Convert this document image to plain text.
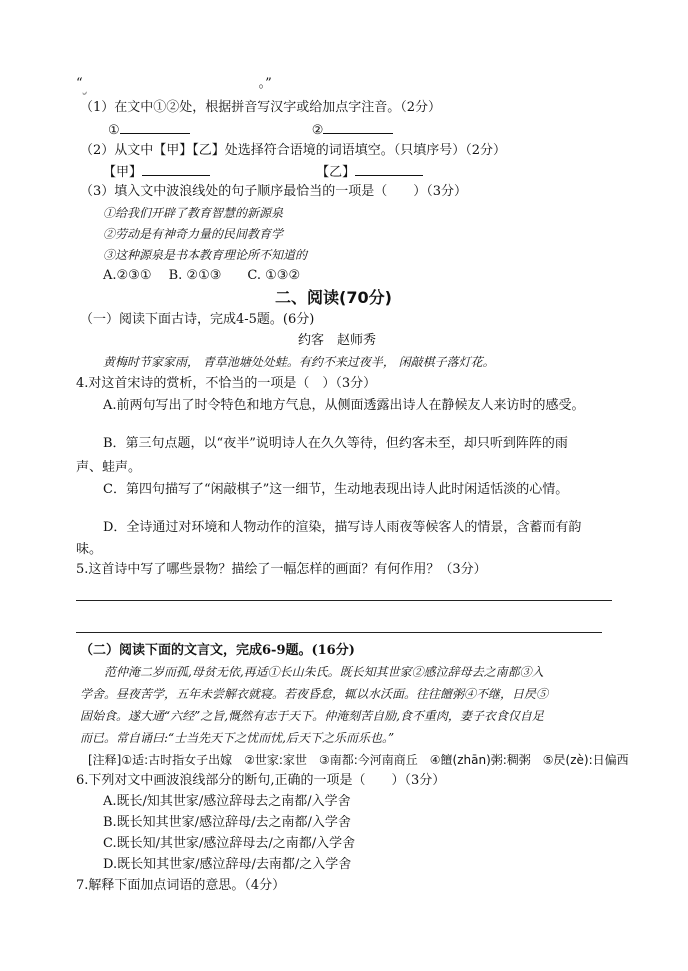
“	。”
（1）在文中①②处，根据拼音写汉字或给加点字注音。（2分）
①	②
（2）从文中【甲】【乙】处选择符合语境的词语填空。（只填序号）（2分）
【甲】	【乙】
（3）填入文中波浪线处的句子顺序最恰当的一项是（　　）（3分）
①给我们开辟了教育智慧的新源泉
②劳动是有神奇力量的民间教育学
③这种源泉是书本教育理论所不知道的
A.②③①　 B. ②①③　　C. ①③②
二、阅读(70分)
（一）阅读下面古诗，完成4-5题。(6分)
约客　赵师秀
黄梅时节家家雨， 青草池塘处处蛙。有约不来过夜半， 闲敲棋子落灯花。
4.对这首宋诗的赏析，不恰当的一项是（　）（3分）
A.前两句写出了时令特色和地方气息，从侧面透露出诗人在静候友人来访时的感受。
B．第三句点题，以“夜半”说明诗人在久久等待，但约客未至，却只听到阵阵的雨
声、蛙声。
C．第四句描写了“闲敲棋子”这一细节，生动地表现出诗人此时闲适恬淡的心情。
D．全诗通过对环境和人物动作的渲染，描写诗人雨夜等候客人的情景，含蓄而有韵
味。
5.这首诗中写了哪些景物？描绘了一幅怎样的画面？有何作用？（3分）
（二）阅读下面的文言文，完成6-9题。(16分)
范仲淹二岁而孤,母贫无依,再适①长山朱氏。既长知其世家②感泣辞母去之南都③入
学舍。昼夜苦学，五年未尝解衣就寝。若夜昏怠，辄以水沃面。往往饘粥④不继，日昃⑤
固始食。遂大通“六经”之旨,慨然有志于天下。仲淹刻苦自励,食不重肉，妻子衣食仅自足
而已。常自诵曰:“士当先天下之忧而忧,后天下之乐而乐也。”
[注释]①适:古时指女子出嫁　②世家:家世　③南都:今河南商丘　④饘(zhān)粥:稠粥　⑤昃(zè):日偏西
6.下列对文中画波浪线部分的断句,正确的一项是（　　）（3分）
A.既长/知其世家/感泣辞母去之南都/入学舍
B.既长知其世家/感泣辞母/去之南都/入学舍
C.既长知/其世家/感泣辞母去/之南都/入学舍
D.既长知其世家/感泣辞母/去南都/之入学舍
7.解释下面加点词语的意思。（4分）
